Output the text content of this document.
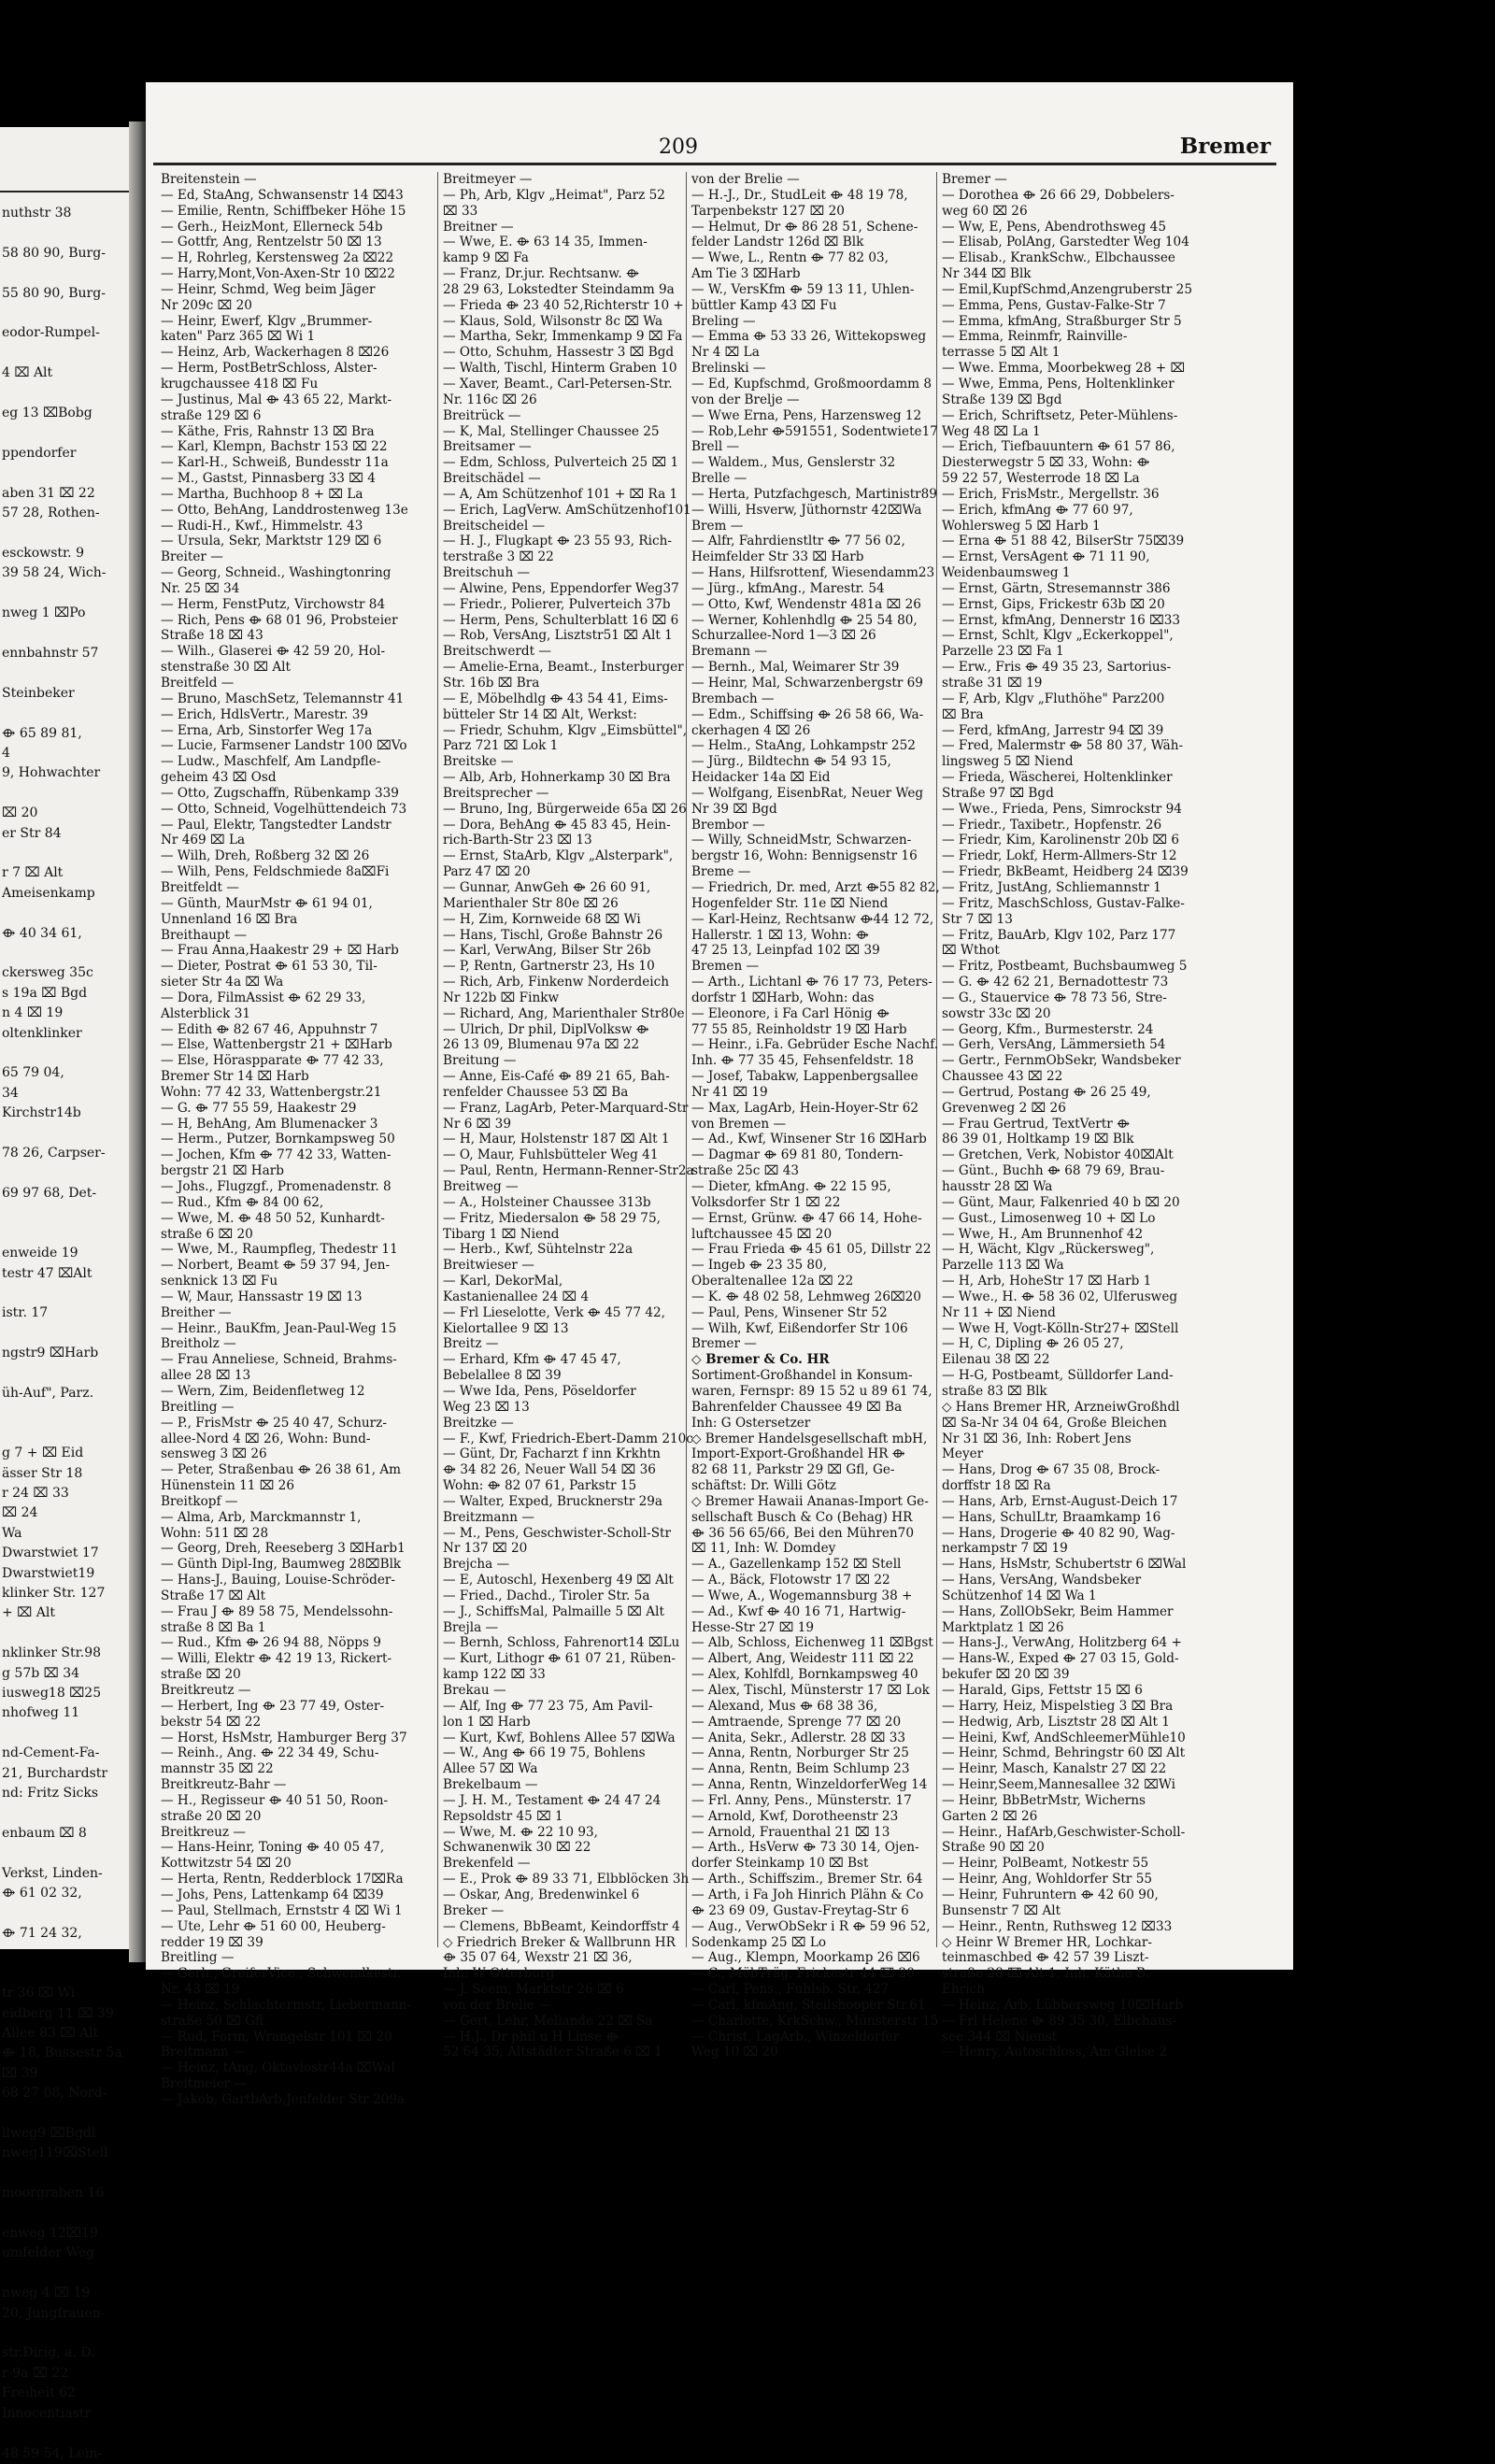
nuthstr 38

58 80 90, Burg-

55 80 90, Burg-

eodor-Rumpel-

4 ⌧ Alt

eg 13 ⌧Bobg

ppendorfer

aben 31 ⌧ 22
57 28, Rothen-

esckowstr. 9
39 58 24, Wich-

nweg 1 ⌧Po

ennbahnstr 57

Steinbeker

⟴ 65 89 81,
4
9, Hohwachter

⌧ 20
er Str 84

r 7 ⌧ Alt
Ameisenkamp

⟴ 40 34 61,

ckersweg 35c
s 19a ⌧ Bgd
n 4 ⌧ 19
oltenklinker

65 79 04,
34
Kirchstr14b

78 26, Carpser-

69 97 68, Det-

enweide 19
testr 47 ⌧Alt

istr. 17

ngstr9 ⌧Harb

üh-Auf", Parz.

g 7 + ⌧ Eid
ässer Str 18
r 24 ⌧ 33
⌧ 24
Wa
Dwarstwiet 17
Dwarstwiet19
klinker Str. 127
+ ⌧ Alt

nklinker Str.98
g 57b ⌧ 34
iusweg18 ⌧25
nhofweg 11

nd-Cement-Fa-
21, Burchardstr
nd: Fritz Sicks

enbaum ⌧ 8

Verkst, Linden-
⟴ 61 02 32,

⟴ 71 24 32,

tr 36 ⌧ Wi
eidberg 11 ⌧ 39
Allee 83 ⌧ Alt
⟴ 18, Bussestr 5a
⌧ 39
68 27 08, Nord-

llweg9 ⌧Bgdl
nweg119⌧Stell

moorgraben 16

enweg 12⌧19
umfelder Weg

nweg 4 ⌧ 19
20, Jungfrauen-

str.Dirig, a. D.
r 9a ⌧ 22
Freiheit 62
Innocentiastr

48 59 54, Lein-
209	Bremer
Breitenstein —
— Ed, StaAng, Schwansenstr 14 ⌧43
— Emilie, Rentn, Schiffbeker Höhe 15
— Gerh., HeizMont, Ellerneck 54b
— Gottfr, Ang, Rentzelstr 50 ⌧ 13
— H, Rohrleg, Kerstensweg 2a ⌧22
— Harry,Mont,Von-Axen-Str 10 ⌧22
— Heinr, Schmd, Weg beim Jäger
Nr 209c ⌧ 20
— Heinr, Ewerf, Klgv „Brummer-
katen" Parz 365 ⌧ Wi 1
— Heinz, Arb, Wackerhagen 8 ⌧26
— Herm, PostBetrSchloss, Alster-
krugchaussee 418 ⌧ Fu
— Justinus, Mal ⟴ 43 65 22, Markt-
straße 129 ⌧ 6
— Käthe, Fris, Rahnstr 13 ⌧ Bra
— Karl, Klempn, Bachstr 153 ⌧ 22
— Karl-H., Schweiß, Bundesstr 11a
— M., Gastst, Pinnasberg 33 ⌧ 4
— Martha, Buchhoop 8 + ⌧ La
— Otto, BehAng, Landdrostenweg 13e
— Rudi-H., Kwf., Himmelstr. 43
— Ursula, Sekr, Marktstr 129 ⌧ 6
Breiter —
— Georg, Schneid., Washingtonring
Nr. 25 ⌧ 34
— Herm, FenstPutz, Virchowstr 84
— Rich, Pens ⟴ 68 01 96, Probsteier
Straße 18 ⌧ 43
— Wilh., Glaserei ⟴ 42 59 20, Hol-
stenstraße 30 ⌧ Alt
Breitfeld —
— Bruno, MaschSetz, Telemannstr 41
— Erich, HdlsVertr., Marestr. 39
— Erna, Arb, Sinstorfer Weg 17a
— Lucie, Farmsener Landstr 100 ⌧Vo
— Ludw., Maschfelf, Am Landpfle-
geheim 43 ⌧ Osd
— Otto, Zugschaffn, Rübenkamp 339
— Otto, Schneid, Vogelhüttendeich 73
— Paul, Elektr, Tangstedter Landstr
Nr 469 ⌧ La
— Wilh, Dreh, Roßberg 32 ⌧ 26
— Wilh, Pens, Feldschmiede 8a⌧Fi
Breitfeldt —
— Günth, MaurMstr ⟴ 61 94 01,
Unnenland 16 ⌧ Bra
Breithaupt —
— Frau Anna,Haakestr 29 + ⌧ Harb
— Dieter, Postrat ⟴ 61 53 30, Til-
sieter Str 4a ⌧ Wa
— Dora, FilmAssist ⟴ 62 29 33,
Alsterblick 31
— Edith ⟴ 82 67 46, Appuhnstr 7
— Else, Wattenbergstr 21 + ⌧Harb
— Else, Höraspparate ⟴ 77 42 33,
Bremer Str 14 ⌧ Harb
Wohn: 77 42 33, Wattenbergstr.21
— G. ⟴ 77 55 59, Haakestr 29
— H, BehAng, Am Blumenacker 3
— Herm., Putzer, Bornkampsweg 50
— Jochen, Kfm ⟴ 77 42 33, Watten-
bergstr 21 ⌧ Harb
— Johs., Flugzgf., Promenadenstr. 8
— Rud., Kfm ⟴ 84 00 62,
— Wwe, M. ⟴ 48 50 52, Kunhardt-
straße 6 ⌧ 20
— Wwe, M., Raumpfleg, Thedestr 11
— Norbert, Beamt ⟴ 59 37 94, Jen-
senknick 13 ⌧ Fu
— W, Maur, Hanssastr 19 ⌧ 13
Breither —
— Heinr., BauKfm, Jean-Paul-Weg 15
Breitholz —
— Frau Anneliese, Schneid, Brahms-
allee 28 ⌧ 13
— Wern, Zim, Beidenfletweg 12
Breitling —
— P., FrisMstr ⟴ 25 40 47, Schurz-
allee-Nord 4 ⌧ 26, Wohn: Bund-
sensweg 3 ⌧ 26
— Peter, Straßenbau ⟴ 26 38 61, Am
Hünenstein 11 ⌧ 26
Breitkopf —
— Alma, Arb, Marckmannstr 1,
Wohn: 511 ⌧ 28
— Georg, Dreh, Reeseberg 3 ⌧Harb1
— Günth Dipl-Ing, Baumweg 28⌧Blk
— Hans-J., Bauing, Louise-Schröder-
Straße 17 ⌧ Alt
— Frau J ⟴ 89 58 75, Mendelssohn-
straße 8 ⌧ Ba 1
— Rud., Kfm ⟴ 26 94 88, Nöpps 9
— Willi, Elektr ⟴ 42 19 13, Rickert-
straße ⌧ 20
Breitkreutz —
— Herbert, Ing ⟴ 23 77 49, Oster-
bekstr 54 ⌧ 22
— Horst, HsMstr, Hamburger Berg 37
— Reinh., Ang. ⟴ 22 34 49, Schu-
mannstr 35 ⌧ 22
Breitkreutz-Bahr —
— H., Regisseur ⟴ 40 51 50, Roon-
straße 20 ⌧ 20
Breitkreuz —
— Hans-Heinr, Toning ⟴ 40 05 47,
Kottwitzstr 54 ⌧ 20
— Herta, Rentn, Redderblock 17⌧Ra
— Johs, Pens, Lattenkamp 64 ⌧39
— Paul, Stellmach, Ernststr 4 ⌧ Wi 1
— Ute, Lehr ⟴ 51 60 00, Heuberg-
redder 19 ⌧ 39
Breitling —
— Gerh., GreiferVice., Schwendkestr.
Nr. 43 ⌧ 19
— Heinz, Schlachtermstr, Liebermann-
straße 50 ⌧ Gfl
— Rud, Form, Wrangelstr 101 ⌧ 20
Breitmann —
— Heinz, tAng, Oktaviostr44a ⌧Wal
Breitmeier —
— Jakob, GartbArb,Jenfelder Str 209a
Breitmeyer —
— Ph, Arb, Klgv „Heimat", Parz 52
⌧ 33
Breitner —
— Wwe, E. ⟴ 63 14 35, Immen-
kamp 9 ⌧ Fa
— Franz, Dr.jur. Rechtsanw. ⟴
28 29 63, Lokstedter Steindamm 9a
— Frieda ⟴ 23 40 52,Richterstr 10 +
— Klaus, Sold, Wilsonstr 8c ⌧ Wa
— Martha, Sekr, Immenkamp 9 ⌧ Fa
— Otto, Schuhm, Hassestr 3 ⌧ Bgd
— Walth, Tischl, Hinterm Graben 10
— Xaver, Beamt., Carl-Petersen-Str.
Nr. 116c ⌧ 26
Breitrück —
— K, Mal, Stellinger Chaussee 25
Breitsamer —
— Edm, Schloss, Pulverteich 25 ⌧ 1
Breitschädel —
— A, Am Schützenhof 101 + ⌧ Ra 1
— Erich, LagVerw. AmSchützenhof101
Breitscheidel —
— H. J., Flugkapt ⟴ 23 55 93, Rich-
terstraße 3 ⌧ 22
Breitschuh —
— Alwine, Pens, Eppendorfer Weg37
— Friedr., Polierer, Pulverteich 37b
— Herm, Pens, Schulterblatt 16 ⌧ 6
— Rob, VersAng, Lisztstr51 ⌧ Alt 1
Breitschwerdt —
— Amelie-Erna, Beamt., Insterburger
Str. 16b ⌧ Bra
— E, Möbelhdlg ⟴ 43 54 41, Eims-
bütteler Str 14 ⌧ Alt, Werkst:
— Friedr, Schuhm, Klgv „Eimsbüttel",
Parz 721 ⌧ Lok 1
Breitske —
— Alb, Arb, Hohnerkamp 30 ⌧ Bra
Breitsprecher —
— Bruno, Ing, Bürgerweide 65a ⌧ 26
— Dora, BehAng ⟴ 45 83 45, Hein-
rich-Barth-Str 23 ⌧ 13
— Ernst, StaArb, Klgv „Alsterpark",
Parz 47 ⌧ 20
— Gunnar, AnwGeh ⟴ 26 60 91,
Marienthaler Str 80e ⌧ 26
— H, Zim, Kornweide 68 ⌧ Wi
— Hans, Tischl, Große Bahnstr 26
— Karl, VerwAng, Bilser Str 26b
— P, Rentn, Gartnerstr 23, Hs 10
— Rich, Arb, Finkenw Norderdeich
Nr 122b ⌧ Finkw
— Richard, Ang, Marienthaler Str80e
— Ulrich, Dr phil, DiplVolksw ⟴
26 13 09, Blumenau 97a ⌧ 22
Breitung —
— Anne, Eis-Café ⟴ 89 21 65, Bah-
renfelder Chaussee 53 ⌧ Ba
— Franz, LagArb, Peter-Marquard-Str
Nr 6 ⌧ 39
— H, Maur, Holstenstr 187 ⌧ Alt 1
— O, Maur, Fuhlsbütteler Weg 41
— Paul, Rentn, Hermann-Renner-Str2a
Breitweg —
— A., Holsteiner Chaussee 313b
— Fritz, Miedersalon ⟴ 58 29 75,
Tibarg 1 ⌧ Niend
— Herb., Kwf, Sühtelnstr 22a
Breitwieser —
— Karl, DekorMal,
Kastanienallee 24 ⌧ 4
— Frl Lieselotte, Verk ⟴ 45 77 42,
Kielortallee 9 ⌧ 13
Breitz —
— Erhard, Kfm ⟴ 47 45 47,
Bebelallee 8 ⌧ 39
— Wwe Ida, Pens, Pöseldorfer
Weg 23 ⌧ 13
Breitzke —
— F., Kwf, Friedrich-Ebert-Damm 210c
— Günt, Dr, Facharzt f inn Krkhtn
⟴ 34 82 26, Neuer Wall 54 ⌧ 36
Wohn: ⟴ 82 07 61, Parkstr 15
— Walter, Exped, Brucknerstr 29a
Breitzmann —
— M., Pens, Geschwister-Scholl-Str
Nr 137 ⌧ 20
Brejcha —
— E, Autoschl, Hexenberg 49 ⌧ Alt
— Fried., Dachd., Tiroler Str. 5a
— J., SchiffsMal, Palmaille 5 ⌧ Alt
Brejla —
— Bernh, Schloss, Fahrenort14 ⌧Lu
— Kurt, Lithogr ⟴ 61 07 21, Rüben-
kamp 122 ⌧ 33
Brekau —
— Alf, Ing ⟴ 77 23 75, Am Pavil-
lon 1 ⌧ Harb
— Kurt, Kwf, Bohlens Allee 57 ⌧Wa
— W., Ang ⟴ 66 19 75, Bohlens
Allee 57 ⌧ Wa
Brekelbaum —
— J. H. M., Testament ⟴ 24 47 24
Repsoldstr 45 ⌧ 1
— Wwe, M. ⟴ 22 10 93,
Schwanenwik 30 ⌧ 22
Brekenfeld —
— E., Prok ⟴ 89 33 71, Elbblöcken 3h
— Oskar, Ang, Bredenwinkel 6
Breker —
— Clemens, BbBeamt, Keindorffstr 4
◇ Friedrich Breker & Wallbrunn HR
⟴ 35 07 64, Wexstr 21 ⌧ 36,
Inh: W Otterburg
— J. Seem, Marktstr 26 ⌧ 6
von der Brelie —
— Gert, Lehr, Mellande 22 ⌧ Sa
— H.J., Dr phil u H Linse ⟴
52 64 35, Altstädter Straße 6 ⌧ 1
von der Brelie —
— H.-J., Dr., StudLeit ⟴ 48 19 78,
Tarpenbekstr 127 ⌧ 20
— Helmut, Dr ⟴ 86 28 51, Schene-
felder Landstr 126d ⌧ Blk
— Wwe, L., Rentn ⟴ 77 82 03,
Am Tie 3 ⌧Harb
— W., VersKfm ⟴ 59 13 11, Uhlen-
büttler Kamp 43 ⌧ Fu
Breling —
— Emma ⟴ 53 33 26, Wittekopsweg
Nr 4 ⌧ La
Brelinski —
— Ed, Kupfschmd, Großmoordamm 8
von der Brelje —
— Wwe Erna, Pens, Harzensweg 12
— Rob,Lehr ⟴591551, Sodentwiete17
Brell —
— Waldem., Mus, Genslerstr 32
Brelle —
— Herta, Putzfachgesch, Martinistr89
— Willi, Hsverw, Jüthornstr 42⌧Wa
Brem —
— Alfr, Fahrdienstltr ⟴ 77 56 02,
Heimfelder Str 33 ⌧ Harb
— Hans, Hilfsrottenf, Wiesendamm23
— Jürg., kfmAng., Marestr. 54
— Otto, Kwf, Wendenstr 481a ⌧ 26
— Werner, Kohlenhdlg ⟴ 25 54 80,
Schurzallee-Nord 1—3 ⌧ 26
Bremann —
— Bernh., Mal, Weimarer Str 39
— Heinr, Mal, Schwarzenbergstr 69
Brembach —
— Edm., Schiffsing ⟴ 26 58 66, Wa-
ckerhagen 4 ⌧ 26
— Helm., StaAng, Lohkampstr 252
— Jürg., Bildtechn ⟴ 54 93 15,
Heidacker 14a ⌧ Eid
— Wolfgang, EisenbRat, Neuer Weg
Nr 39 ⌧ Bgd
Brembor —
— Willy, SchneidMstr, Schwarzen-
bergstr 16, Wohn: Bennigsenstr 16
Breme —
— Friedrich, Dr. med, Arzt ⟴55 82 82,
Hogenfelder Str. 11e ⌧ Niend
— Karl-Heinz, Rechtsanw ⟴44 12 72,
Hallerstr. 1 ⌧ 13, Wohn: ⟴
47 25 13, Leinpfad 102 ⌧ 39
Bremen —
— Arth., Lichtanl ⟴ 76 17 73, Peters-
dorfstr 1 ⌧Harb, Wohn: das
— Eleonore, i Fa Carl Hönig ⟴
77 55 85, Reinholdstr 19 ⌧ Harb
— Heinr., i.Fa. Gebrüder Esche Nachf.
Inh. ⟴ 77 35 45, Fehsenfeldstr. 18
— Josef, Tabakw, Lappenbergsallee
Nr 41 ⌧ 19
— Max, LagArb, Hein-Hoyer-Str 62
von Bremen —
— Ad., Kwf, Winsener Str 16 ⌧Harb
— Dagmar ⟴ 69 81 80, Tondern-
straße 25c ⌧ 43
— Dieter, kfmAng. ⟴ 22 15 95,
Volksdorfer Str 1 ⌧ 22
— Ernst, Grünw. ⟴ 47 66 14, Hohe-
luftchaussee 45 ⌧ 20
— Frau Frieda ⟴ 45 61 05, Dillstr 22
— Ingeb ⟴ 23 35 80,
Oberaltenallee 12a ⌧ 22
— K. ⟴ 48 02 58, Lehmweg 26⌧20
— Paul, Pens, Winsener Str 52
— Wilh, Kwf, Eißendorfer Str 106
Bremer —
◇ Bremer & Co. HR
Sortiment-Großhandel in Konsum-
waren, Fernspr: 89 15 52 u 89 61 74,
Bahrenfelder Chaussee 49 ⌧ Ba
Inh: G Ostersetzer
◇ Bremer Handelsgesellschaft mbH,
Import-Export-Großhandel HR ⟴
82 68 11, Parkstr 29 ⌧ Gfl, Ge-
schäftst: Dr. Willi Götz
◇ Bremer Hawaii Ananas-Import Ge-
sellschaft Busch & Co (Behag) HR
⟴ 36 56 65/66, Bei den Mühren70
⌧ 11, Inh: W. Domdey
— A., Gazellenkamp 152 ⌧ Stell
— A., Bäck, Flotowstr 17 ⌧ 22
— Wwe, A., Wogemannsburg 38 +
— Ad., Kwf ⟴ 40 16 71, Hartwig-
Hesse-Str 27 ⌧ 19
— Alb, Schloss, Eichenweg 11 ⌧Bgst
— Albert, Ang, Weidestr 111 ⌧ 22
— Alex, Kohlfdl, Bornkampsweg 40
— Alex, Tischl, Münsterstr 17 ⌧ Lok
— Alexand, Mus ⟴ 68 38 36,
— Amtraende, Sprenge 77 ⌧ 20
— Anita, Sekr., Adlerstr. 28 ⌧ 33
— Anna, Rentn, Norburger Str 25
— Anna, Rentn, Beim Schlump 23
— Anna, Rentn, WinzeldorferWeg 14
— Frl. Anny, Pens., Münsterstr. 17
— Arnold, Kwf, Dorotheenstr 23
— Arnold, Frauenthal 21 ⌧ 13
— Arth., HsVerw ⟴ 73 30 14, Ojen-
dorfer Steinkamp 10 ⌧ Bst
— Arth., Schiffszim., Bremer Str. 64
— Arth, i Fa Joh Hinrich Plähn & Co
⟴ 23 69 09, Gustav-Freytag-Str 6
— Aug., VerwObSekr i R ⟴ 59 96 52,
Sodenkamp 25 ⌧ Lo
— Aug., Klempn, Moorkamp 26 ⌧6
— C., MöbTräg, Frickestr 44 ⌧ 20
— Carl, Pens., Fuhlsb. Str. 427
— Carl, kfmAng, Steilshooper Str.61
— Charlotte, KrkSchw., Münsterstr 15
— Christ, LagArb., Winzeldorfer
Weg 10 ⌧ 20
Bremer —
— Dorothea ⟴ 26 66 29, Dobbelers-
weg 60 ⌧ 26
— Ww, E, Pens, Abendrothsweg 45
— Elisab, PolAng, Garstedter Weg 104
— Elisab., KrankSchw., Elbchaussee
Nr 344 ⌧ Blk
— Emil,KupfSchmd,Anzengruberstr 25
— Emma, Pens, Gustav-Falke-Str 7
— Emma, kfmAng, Straßburger Str 5
— Emma, Reinmfr, Rainville-
terrasse 5 ⌧ Alt 1
— Wwe. Emma, Moorbekweg 28 + ⌧
— Wwe, Emma, Pens, Holtenklinker
Straße 139 ⌧ Bgd
— Erich, Schriftsetz, Peter-Mühlens-
Weg 48 ⌧ La 1
— Erich, Tiefbauuntern ⟴ 61 57 86,
Diesterwegstr 5 ⌧ 33, Wohn: ⟴
59 22 57, Westerrode 18 ⌧ La
— Erich, FrisMstr., Mergellstr. 36
— Erich, kfmAng ⟴ 77 60 97,
Wohlersweg 5 ⌧ Harb 1
— Erna ⟴ 51 88 42, BilserStr 75⌧39
— Ernst, VersAgent ⟴ 71 11 90,
Weidenbaumsweg 1
— Ernst, Gärtn, Stresemannstr 386
— Ernst, Gips, Frickestr 63b ⌧ 20
— Ernst, kfmAng, Dennerstr 16 ⌧33
— Ernst, Schlt, Klgv „Eckerkoppel",
Parzelle 23 ⌧ Fa 1
— Erw., Fris ⟴ 49 35 23, Sartorius-
straße 31 ⌧ 19
— F, Arb, Klgv „Fluthöhe" Parz200
⌧ Bra
— Ferd, kfmAng, Jarrestr 94 ⌧ 39
— Fred, Malermstr ⟴ 58 80 37, Wäh-
lingsweg 5 ⌧ Niend
— Frieda, Wäscherei, Holtenklinker
Straße 97 ⌧ Bgd
— Wwe., Frieda, Pens, Simrockstr 94
— Friedr., Taxibetr., Hopfenstr. 26
— Friedr, Kim, Karolinenstr 20b ⌧ 6
— Friedr, Lokf, Herm-Allmers-Str 12
— Friedr, BkBeamt, Heidberg 24 ⌧39
— Fritz, JustAng, Schliemannstr 1
— Fritz, MaschSchloss, Gustav-Falke-
Str 7 ⌧ 13
— Fritz, BauArb, Klgv 102, Parz 177
⌧ Wthot
— Fritz, Postbeamt, Buchsbaumweg 5
— G. ⟴ 42 62 21, Bernadottestr 73
— G., Stauervice ⟴ 78 73 56, Stre-
sowstr 33c ⌧ 20
— Georg, Kfm., Burmesterstr. 24
— Gerh, VersAng, Lämmersieth 54
— Gertr., FernmObSekr, Wandsbeker
Chaussee 43 ⌧ 22
— Gertrud, Postang ⟴ 26 25 49,
Grevenweg 2 ⌧ 26
— Frau Gertrud, TextVertr ⟴
86 39 01, Holtkamp 19 ⌧ Blk
— Gretchen, Verk, Nobistor 40⌧Alt
— Günt., Buchh ⟴ 68 79 69, Brau-
hausstr 28 ⌧ Wa
— Günt, Maur, Falkenried 40 b ⌧ 20
— Gust., Limosenweg 10 + ⌧ Lo
— Wwe, H., Am Brunnenhof 42
— H, Wächt, Klgv „Rückersweg",
Parzelle 113 ⌧ Wa
— H, Arb, HoheStr 17 ⌧ Harb 1
— Wwe., H. ⟴ 58 36 02, Ulferusweg
Nr 11 + ⌧ Niend
— Wwe H, Vogt-Kölln-Str27+ ⌧Stell
— H, C, Dipling ⟴ 26 05 27,
Eilenau 38 ⌧ 22
— H-G, Postbeamt, Sülldorfer Land-
straße 83 ⌧ Blk
◇ Hans Bremer HR, ArzneiwGroßhdl
⌧ Sa-Nr 34 04 64, Große Bleichen
Nr 31 ⌧ 36, Inh: Robert Jens
Meyer
— Hans, Drog ⟴ 67 35 08, Brock-
dorffstr 18 ⌧ Ra
— Hans, Arb, Ernst-August-Deich 17
— Hans, SchulLtr, Braamkamp 16
— Hans, Drogerie ⟴ 40 82 90, Wag-
nerkampstr 7 ⌧ 19
— Hans, HsMstr, Schubertstr 6 ⌧Wal
— Hans, VersAng, Wandsbeker
Schützenhof 14 ⌧ Wa 1
— Hans, ZollObSekr, Beim Hammer
Marktplatz 1 ⌧ 26
— Hans-J., VerwAng, Holitzberg 64 +
— Hans-W., Exped ⟴ 27 03 15, Gold-
bekufer ⌧ 20 ⌧ 39
— Harald, Gips, Fettstr 15 ⌧ 6
— Harry, Heiz, Mispelstieg 3 ⌧ Bra
— Hedwig, Arb, Lisztstr 28 ⌧ Alt 1
— Heini, Kwf, AndSchleemerMühle10
— Heinr, Schmd, Behringstr 60 ⌧ Alt
— Heinr, Masch, Kanalstr 27 ⌧ 22
— Heinr,Seem,Mannesallee 32 ⌧Wi
— Heinr, BbBetrMstr, Wicherns
Garten 2 ⌧ 26
— Heinr., HafArb,Geschwister-Scholl-
Straße 90 ⌧ 20
— Heinr, PolBeamt, Notkestr 55
— Heinr, Ang, Wohldorfer Str 55
— Heinr, Fuhruntern ⟴ 42 60 90,
Bunsenstr 7 ⌧ Alt
— Heinr., Rentn, Ruthsweg 12 ⌧33
◇ Heinr W Bremer HR, Lochkar-
teinmaschbed ⟴ 42 57 39 Liszt-
straße 28 ⌧ Alt 1, Inh: Käthe B.
Ehrich
— Heinz, Arb, Lübbersweg 10⌧Harb
— Frl Helene ⟴ 89 35 30, Elbchaus-
see 344 ⌧ Nienst
— Henry, Autoschloss, Am Gleise 2
